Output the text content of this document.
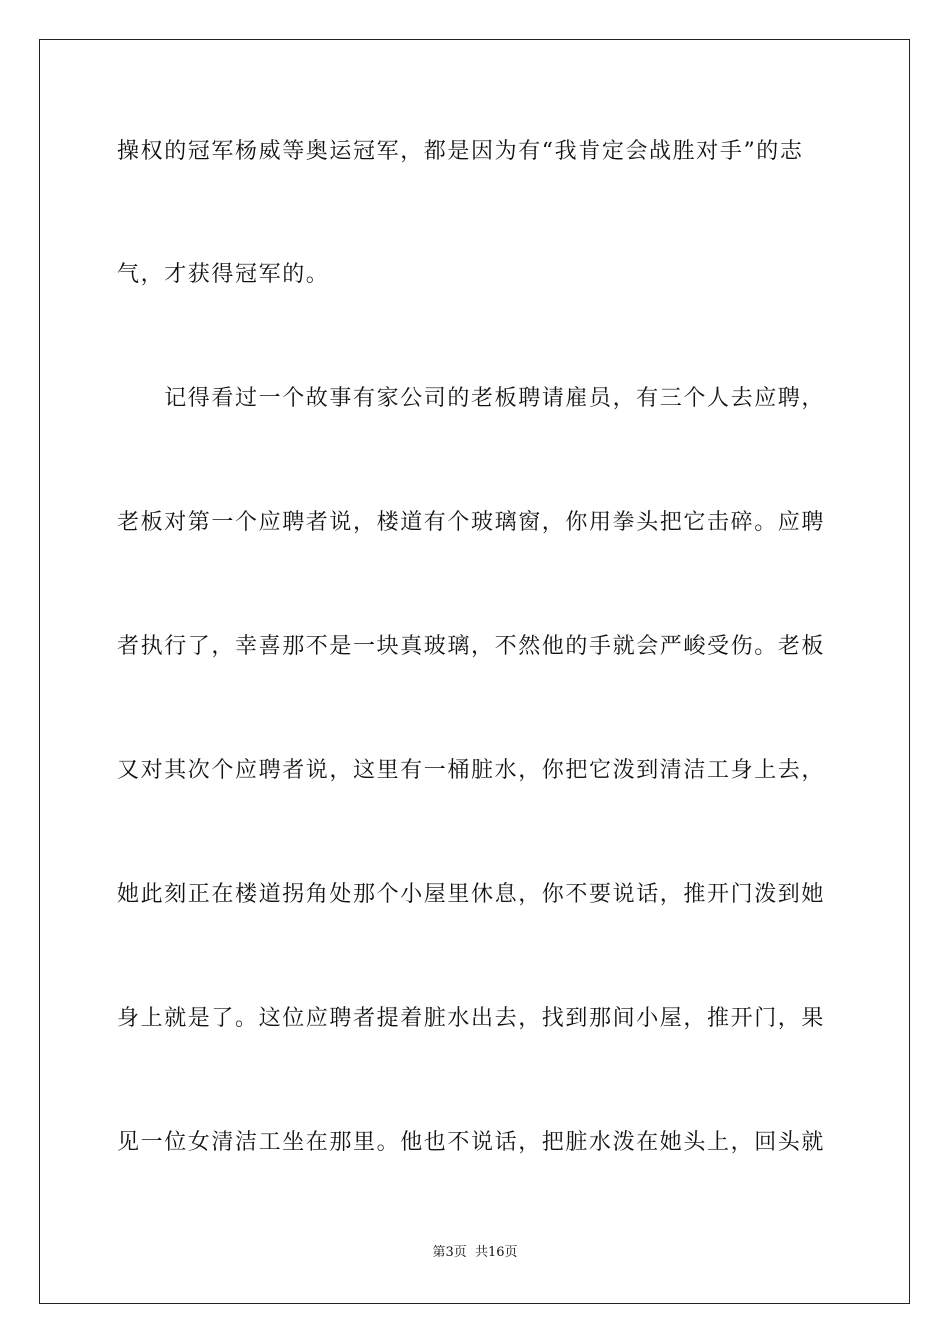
操权的冠军杨威等奥运冠军，都是因为有“我肯定会战胜对手”的志
气，才获得冠军的。
　　记得看过一个故事有家公司的老板聘请雇员，有三个人去应聘，
老板对第一个应聘者说，楼道有个玻璃窗，你用拳头把它击碎。应聘
者执行了，幸喜那不是一块真玻璃，不然他的手就会严峻受伤。老板
又对其次个应聘者说，这里有一桶脏水，你把它泼到清洁工身上去，
她此刻正在楼道拐角处那个小屋里休息，你不要说话，推开门泼到她
身上就是了。这位应聘者提着脏水出去，找到那间小屋，推开门，果
见一位女清洁工坐在那里。他也不说话，把脏水泼在她头上，回头就
第3页 共16页
